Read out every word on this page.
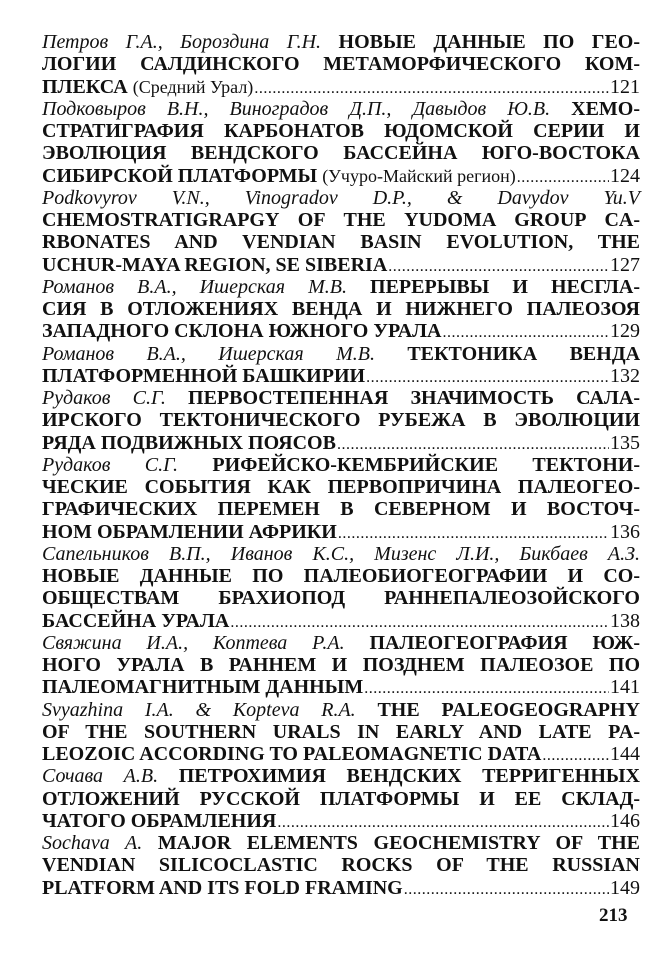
Петров Г.А., Бороздина Г.Н. НОВЫЕ ДАННЫЕ ПО ГЕО-
ЛОГИИ САЛДИНСКОГО МЕТАМОРФИЧЕСКОГО КОМ-
ПЛЕКСА (Средний Урал) .....	121
Подковыров В.Н., Виноградов Д.П., Давыдов Ю.В. ХЕМО-
СТРАТИГРАФИЯ КАРБОНАТОВ ЮДОМСКОЙ СЕРИИ И
ЭВОЛЮЦИЯ ВЕНДСКОГО БАССЕЙНА ЮГО-ВОСТОКА
СИБИРСКОЙ ПЛАТФОРМЫ (Учуро-Майский регион) .....	124
Podkovyrov V.N., Vinogradov D.P., & Davydov Yu.V
CHEMOSTRATIGRAPGY OF THE YUDOMA GROUP CA-
RBONATES AND VENDIAN BASIN EVOLUTION, THE
UCHUR-MAYA REGION, SE SIBERIA .....	127
Романов В.А., Ишерская М.В. ПЕРЕРЫВЫ И НЕСГЛА-
СИЯ В ОТЛОЖЕНИЯХ ВЕНДА И НИЖНЕГО ПАЛЕОЗОЯ
ЗАПАДНОГО СКЛОНА ЮЖНОГО УРАЛА .....	129
Романов В.А., Ишерская М.В. ТЕКТОНИКА ВЕНДА
ПЛАТФОРМЕННОЙ БАШКИРИИ .....	132
Рудаков С.Г. ПЕРВОСТЕПЕННАЯ ЗНАЧИМОСТЬ САЛА-
ИРСКОГО ТЕКТОНИЧЕСКОГО РУБЕЖА В ЭВОЛЮЦИИ
РЯДА ПОДВИЖНЫХ ПОЯСОВ .....	135
Рудаков С.Г. РИФЕЙСКО-КЕМБРИЙСКИЕ ТЕКТОНИ-
ЧЕСКИЕ СОБЫТИЯ КАК ПЕРВОПРИЧИНА ПАЛЕОГЕО-
ГРАФИЧЕСКИХ ПЕРЕМЕН В СЕВЕРНОМ И ВОСТОЧ-
НОМ ОБРАМЛЕНИИ АФРИКИ .....	136
Сапельников В.П., Иванов К.С., Мизенс Л.И., Бикбаев А.З.
НОВЫЕ ДАННЫЕ ПО ПАЛЕОБИОГЕОГРАФИИ И СО-
ОБЩЕСТВАМ БРАХИОПОД РАННЕПАЛЕОЗОЙСКОГО
БАССЕЙНА УРАЛА .....	138
Свяжина И.А., Коптева Р.А. ПАЛЕОГЕОГРАФИЯ ЮЖ-
НОГО УРАЛА В РАННЕМ И ПОЗДНЕМ ПАЛЕОЗОЕ ПО
ПАЛЕОМАГНИТНЫМ ДАННЫМ .....	141
Svyazhina I.A. & Kopteva R.A. THE PALEOGEOGRAPHY
OF THE SOUTHERN URALS IN EARLY AND LATE PA-
LEOZOIC ACCORDING TO PALEOMAGNETIC DATA .....	144
Сочава А.В. ПЕТРОХИМИЯ ВЕНДСКИХ ТЕРРИГЕННЫХ
ОТЛОЖЕНИЙ РУССКОЙ ПЛАТФОРМЫ И ЕЕ СКЛАД-
ЧАТОГО ОБРАМЛЕНИЯ .....	146
Sochava A. MAJOR ELEMENTS GEOCHEMISTRY OF THE
VENDIAN SILICOCLASTIC ROCKS OF THE RUSSIAN
PLATFORM AND ITS FOLD FRAMING .....	149
213
